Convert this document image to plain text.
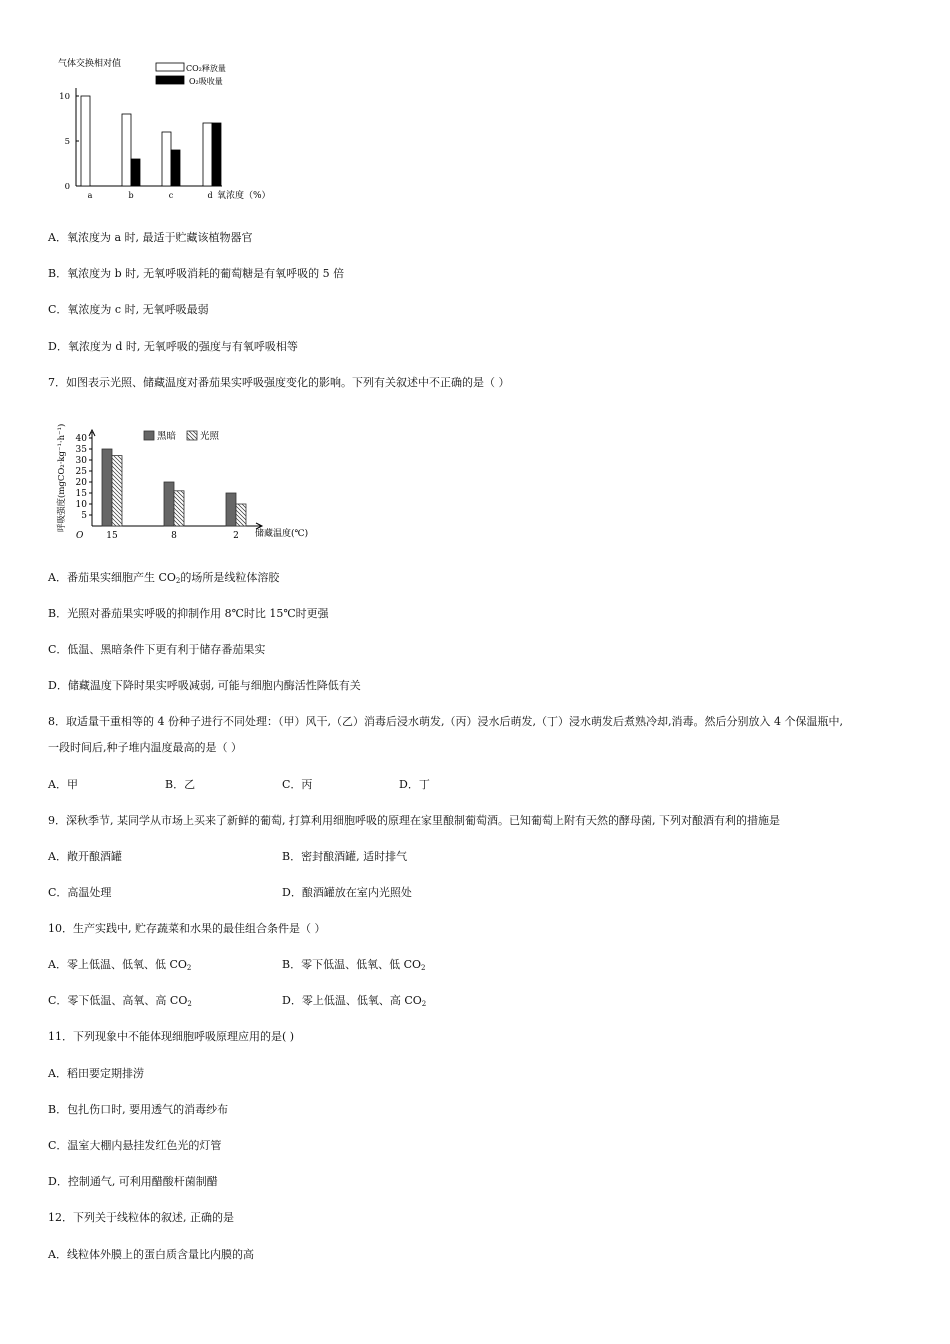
气体交换相对值	CO₂释放量
O₂吸收量
0
5
10
a	b	c	d 氧浓度（%）
A．氧浓度为 a 时, 最适于贮藏该植物器官
B．氧浓度为 b 时, 无氧呼吸消耗的葡萄糖是有氧呼吸的 5 倍
C．氧浓度为 c 时, 无氧呼吸最弱
D．氧浓度为 d 时, 无氧呼吸的强度与有氧呼吸相等
7．如图表示光照、储藏温度对番茄果实呼吸强度变化的影响。下列有关叙述中不正确的是（ ）
呼吸强度(mgCO₂·kg⁻¹·h⁻¹)	黑暗	光照
5
10
15
20
25
30
35
40
O	15	8	2 储藏温度(℃)
A．番茄果实细胞产生 $CO_2$的场所是线粒体溶胶
B．光照对番茄果实呼吸的抑制作用 8℃时比 15℃时更强
C．低温、黑暗条件下更有利于储存番茄果实
D．储藏温度下降时果实呼吸减弱, 可能与细胞内酶活性降低有关
8．取适量干重相等的 4 份种子进行不同处理：（甲）风干,（乙）消毒后浸水萌发,（丙）浸水后萌发,（丁）浸水萌发后煮熟冷却,消毒。然后分别放入 4 个保温瓶中,
一段时间后,种子堆内温度最高的是（ ）
A．甲	B．乙	C．丙	D．丁
9．深秋季节, 某同学从市场上买来了新鲜的葡萄, 打算利用细胞呼吸的原理在家里酿制葡萄酒。已知葡萄上附有天然的酵母菌, 下列对酿酒有利的措施是
A．敞开酿酒罐	B．密封酿酒罐, 适时排气
C．高温处理	D．酿酒罐放在室内光照处
10．生产实践中, 贮存蔬菜和水果的最佳组合条件是（ ）
A．零上低温、低氧、低 $CO_2$	B．零下低温、低氧、低 $CO_2$
C．零下低温、高氧、高 $CO_2$	D．零上低温、低氧、高 $CO_2$
11．下列现象中不能体现细胞呼吸原理应用的是( )
A．稻田要定期排涝
B．包扎伤口时, 要用透气的消毒纱布
C．温室大棚内悬挂发红色光的灯管
D．控制通气, 可利用醋酸杆菌制醋
12．下列关于线粒体的叙述, 正确的是
A．线粒体外膜上的蛋白质含量比内膜的高
